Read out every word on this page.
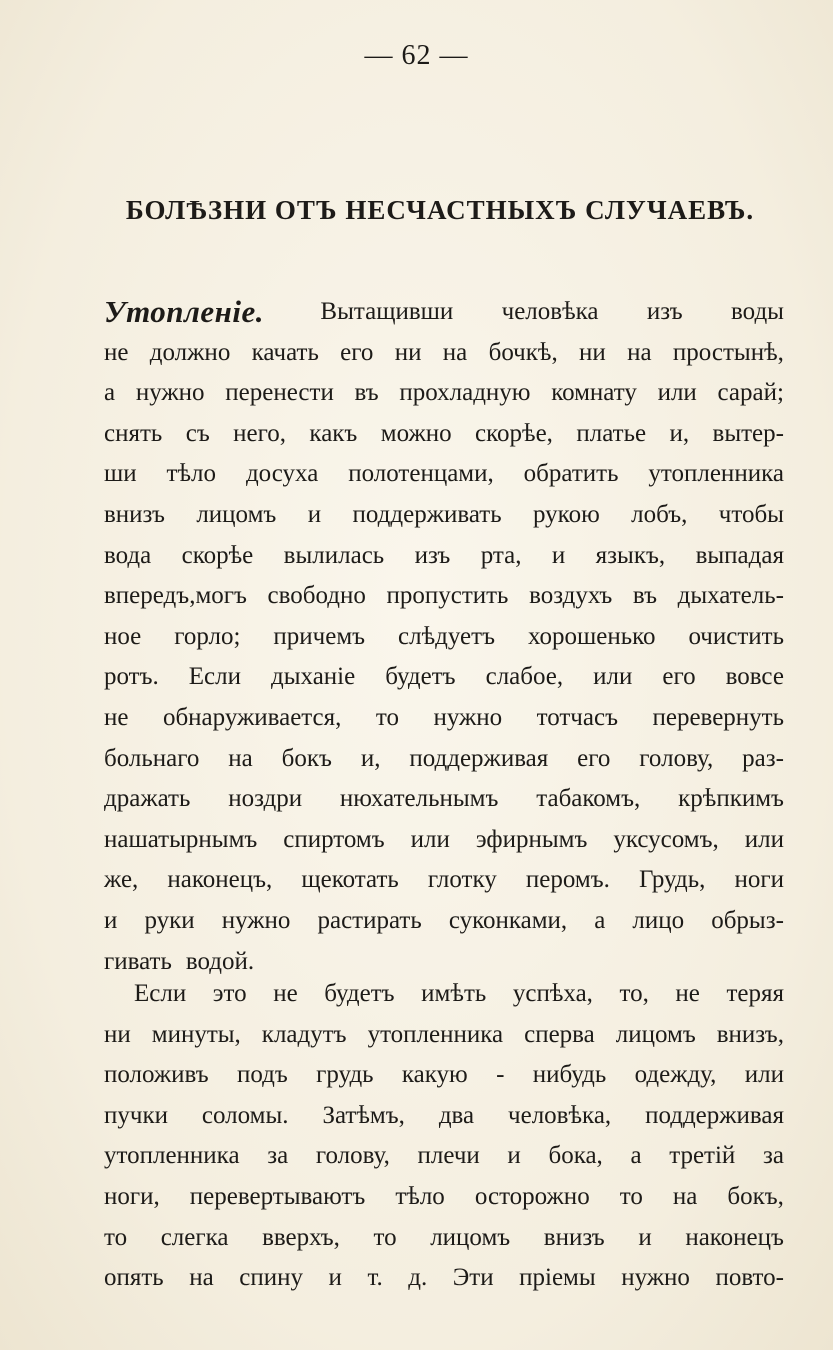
— 62 —
БОЛѢЗНИ ОТЪ НЕСЧАСТНЫХЪ СЛУЧАЕВЪ.
Утопленіе. Вытащивши человѣка изъ воды
не должно качать его ни на бочкѣ, ни на простынѣ,
а нужно перенести въ прохладную комнату или сарай;
снять съ него, какъ можно скорѣе, платье и, вытер-
ши тѣло досуха полотенцами, обратить утопленника
внизъ лицомъ и поддерживать рукою лобъ, чтобы
вода скорѣе вылилась изъ рта, и языкъ, выпадая
впередъ,могъ свободно пропустить воздухъ въ дыхатель-
ное горло; причемъ слѣдуетъ хорошенько очистить
ротъ. Если дыханіе будетъ слабое, или его вовсе
не обнаруживается, то нужно тотчасъ перевернуть
больнаго на бокъ и, поддерживая его голову, раз-
дражать ноздри нюхательнымъ табакомъ, крѣпкимъ
нашатырнымъ спиртомъ или эфирнымъ уксусомъ, или
же, наконецъ, щекотать глотку перомъ. Грудь, ноги
и руки нужно растирать суконками, а лицо обрыз-
гивать водой.
Если это не будетъ имѣть успѣха, то, не теряя
ни минуты, кладутъ утопленника сперва лицомъ внизъ,
положивъ подъ грудь какую - нибудь одежду, или
пучки соломы. Затѣмъ, два человѣка, поддерживая
утопленника за голову, плечи и бока, а третій за
ноги, перевертываютъ тѣло осторожно то на бокъ,
то слегка вверхъ, то лицомъ внизъ и наконецъ
опять на спину и т. д. Эти пріемы нужно повто-
